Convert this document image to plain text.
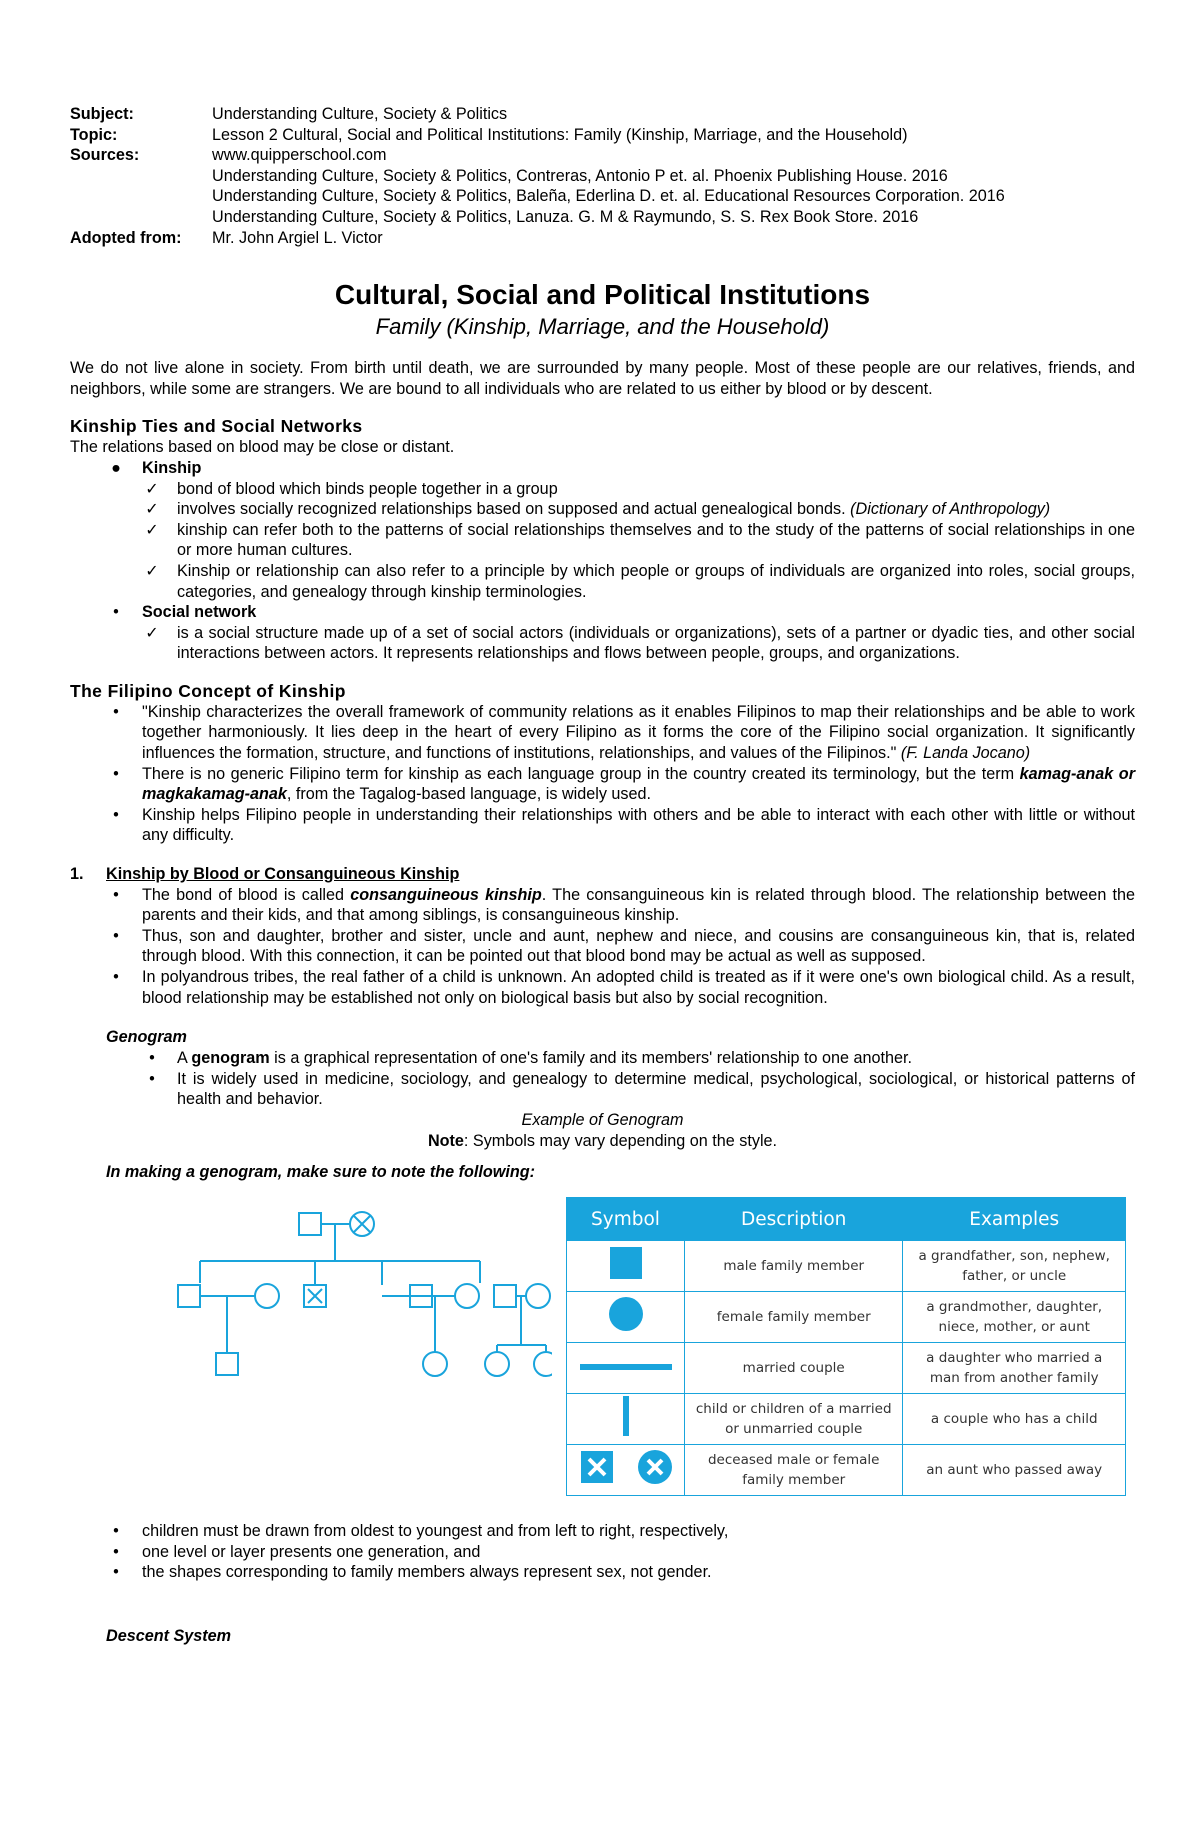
Subject:	Understanding Culture, Society & Politics
Topic:	Lesson 2 Cultural, Social and Political Institutions: Family (Kinship, Marriage, and the Household)
Sources:	www.quipperschool.com
Understanding Culture, Society & Politics, Contreras, Antonio P et. al. Phoenix Publishing House. 2016
Understanding Culture, Society & Politics, Baleña, Ederlina D. et. al. Educational Resources Corporation. 2016
Understanding Culture, Society & Politics, Lanuza. G. M & Raymundo, S. S. Rex Book Store. 2016
Adopted from:	Mr. John Argiel L. Victor
Cultural, Social and Political Institutions
Family (Kinship, Marriage, and the Household)

We do not live alone in society. From birth until death, we are surrounded by many people. Most of these people are our relatives, friends, and neighbors, while some are strangers. We are bound to all individuals who are related to us either by blood or by descent.

Kinship Ties and Social Networks

The relations based on blood may be close or distant.

●	Kinship
✓ bond of blood which binds people together in a group
✓ involves socially recognized relationships based on supposed and actual genealogical bonds. (Dictionary of Anthropology)
✓ kinship can refer both to the patterns of social relationships themselves and to the study of the patterns of social relationships in one or more human cultures.
✓ Kinship or relationship can also refer to a principle by which people or groups of individuals are organized into roles, social groups, categories, and genealogy through kinship terminologies.
•	Social network
✓ is a social structure made up of a set of social actors (individuals or organizations), sets of a partner or dyadic ties, and other social interactions between actors. It represents relationships and flows between people, groups, and organizations.
The Filipino Concept of Kinship
•	"Kinship characterizes the overall framework of community relations as it enables Filipinos to map their relationships and be able to work together harmoniously. It lies deep in the heart of every Filipino as it forms the core of the Filipino social organization. It significantly influences the formation, structure, and functions of institutions, relationships, and values of the Filipinos." (F. Landa Jocano)
•	There is no generic Filipino term for kinship as each language group in the country created its terminology, but the term kamag-anak or magkakamag-anak, from the Tagalog-based language, is widely used.
•	Kinship helps Filipino people in understanding their relationships with others and be able to interact with each other with little or without any difficulty.
1. Kinship by Blood or Consanguineous Kinship
•	The bond of blood is called consanguineous kinship. The consanguineous kin is related through blood. The relationship between the parents and their kids, and that among siblings, is consanguineous kinship.
•	Thus, son and daughter, brother and sister, uncle and aunt, nephew and niece, and cousins are consanguineous kin, that is, related through blood. With this connection, it can be pointed out that blood bond may be actual as well as supposed.
•	In polyandrous tribes, the real father of a child is unknown. An adopted child is treated as if it were one's own biological child. As a result, blood relationship may be established not only on biological basis but also by social recognition.
Genogram
•	A genogram is a graphical representation of one's family and its members' relationship to one another.
•	It is widely used in medicine, sociology, and genealogy to determine medical, psychological, sociological, or historical patterns of health and behavior.
Example of Genogram
Note: Symbols may vary depending on the style.
In making a genogram, make sure to note the following:
Symbol	Description	Examples
	male family member	a grandfather, son, nephew, father, or uncle
	female family member	a grandmother, daughter, niece, mother, or aunt
	married couple	a daughter who married a man from another family
	child or children of a married or unmarried couple	a couple who has a child
	deceased male or female family member	an aunt who passed away
•	children must be drawn from oldest to youngest and from left to right, respectively,
•	one level or layer presents one generation, and
•	the shapes corresponding to family members always represent sex, not gender.
Descent System
